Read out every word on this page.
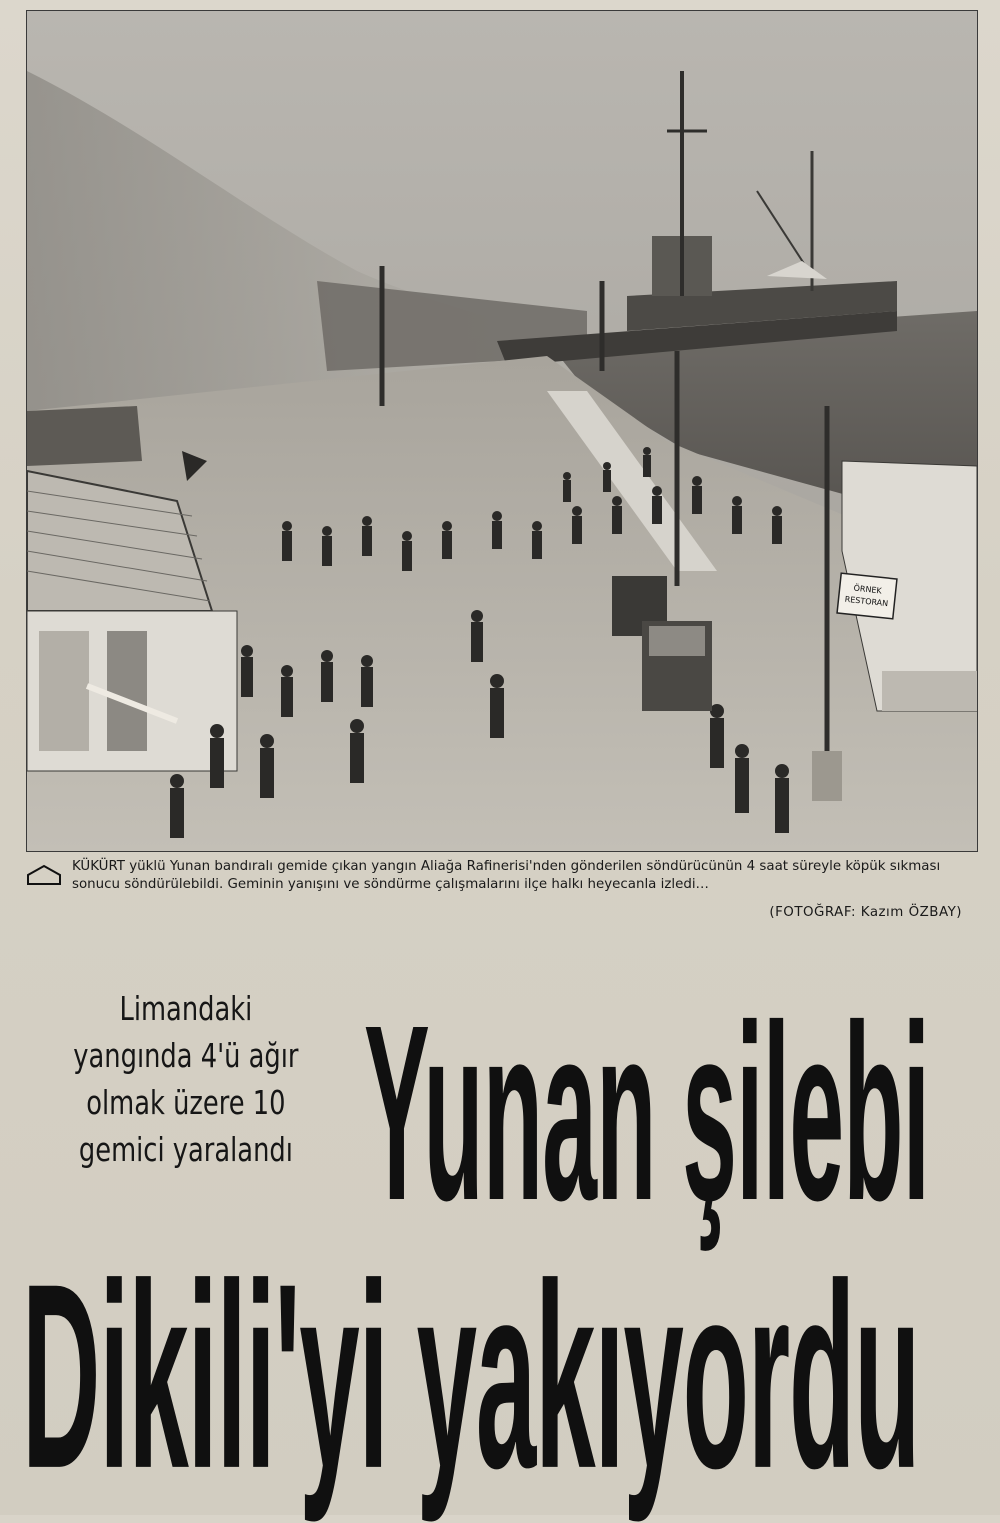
ÖRNEK
RESTORAN
KÜKÜRT yüklü Yunan bandıralı gemide çıkan yangın Aliağa Rafinerisi'nden gönderilen söndürücünün 4 saat süreyle köpük sıkması sonucu söndürülebildi. Geminin yanışını ve söndürme çalışmalarını ilçe halkı heyecanla izledi…
(FOTOĞRAF: Kazım ÖZBAY)
Limandaki
yangında 4'ü ağır
olmak üzere 10
gemici yaralandı Yunan şilebi
Dikili'yi yakıyordu
